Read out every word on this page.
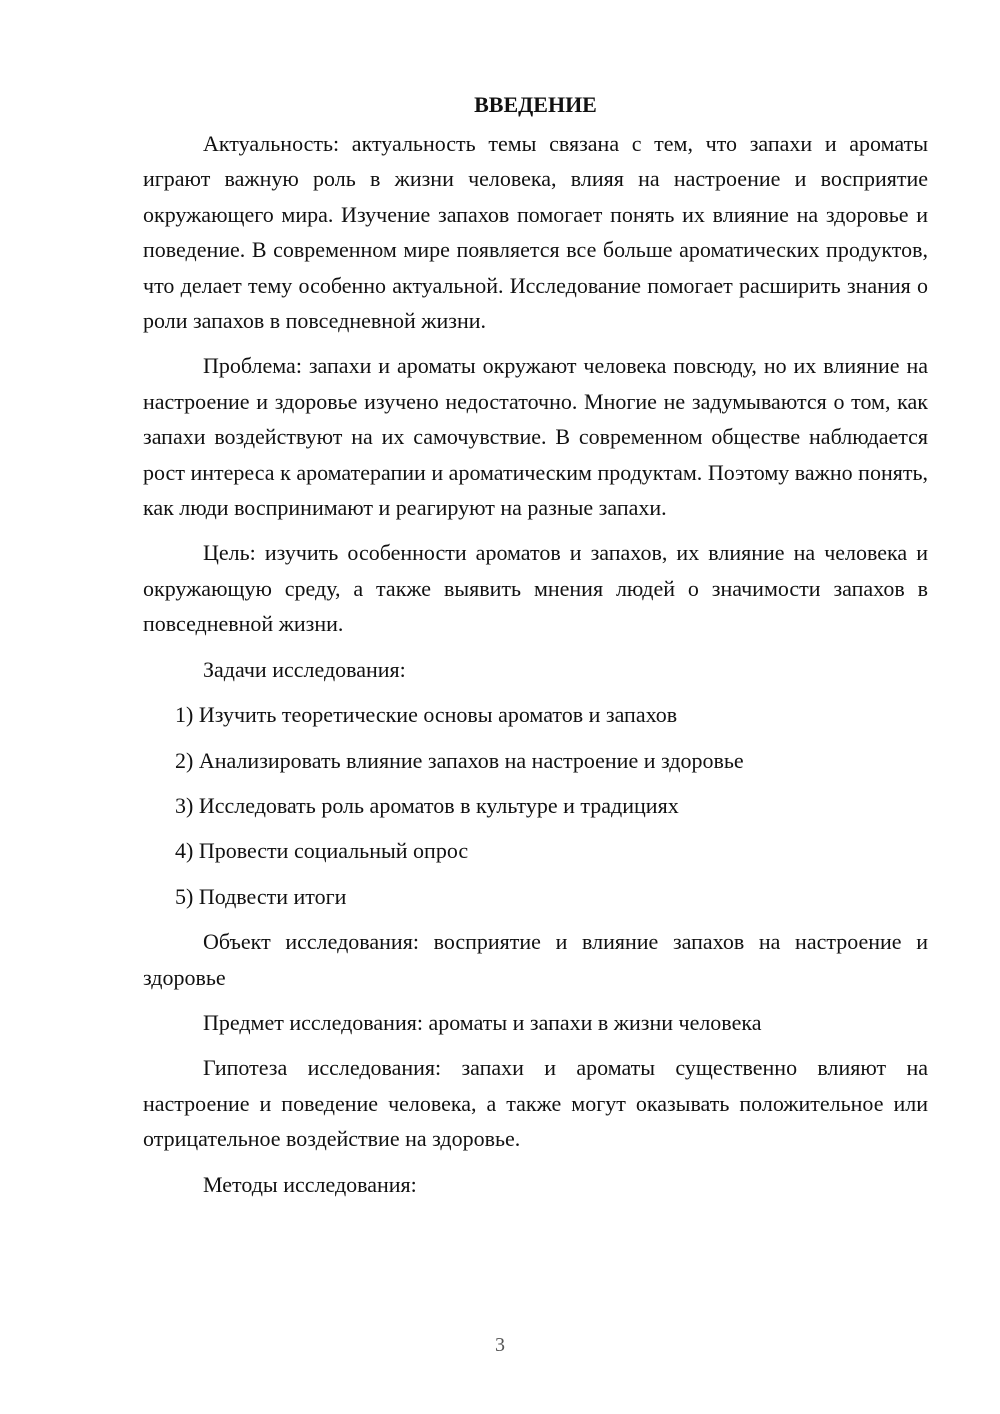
ВВЕДЕНИЕ
Актуальность: актуальность темы связана с тем, что запахи и ароматы играют важную роль в жизни человека, влияя на настроение и восприятие окружающего мира. Изучение запахов помогает понять их влияние на здоровье и поведение. В современном мире появляется все больше ароматических продуктов, что делает тему особенно актуальной. Исследование помогает расширить знания о роли запахов в повседневной жизни.
Проблема: запахи и ароматы окружают человека повсюду, но их влияние на настроение и здоровье изучено недостаточно. Многие не задумываются о том, как запахи воздействуют на их самочувствие. В современном обществе наблюдается рост интереса к ароматерапии и ароматическим продуктам. Поэтому важно понять, как люди воспринимают и реагируют на разные запахи.
Цель: изучить особенности ароматов и запахов, их влияние на человека и окружающую среду, а также выявить мнения людей о значимости запахов в повседневной жизни.
Задачи исследования:
1) Изучить теоретические основы ароматов и запахов
2) Анализировать влияние запахов на настроение и здоровье
3) Исследовать роль ароматов в культуре и традициях
4) Провести социальный опрос
5) Подвести итоги
Объект исследования: восприятие и влияние запахов на настроение и здоровье
Предмет исследования: ароматы и запахи в жизни человека
Гипотеза исследования: запахи и ароматы существенно влияют на настроение и поведение человека, а также могут оказывать положительное или отрицательное воздействие на здоровье.
Методы исследования:
3
